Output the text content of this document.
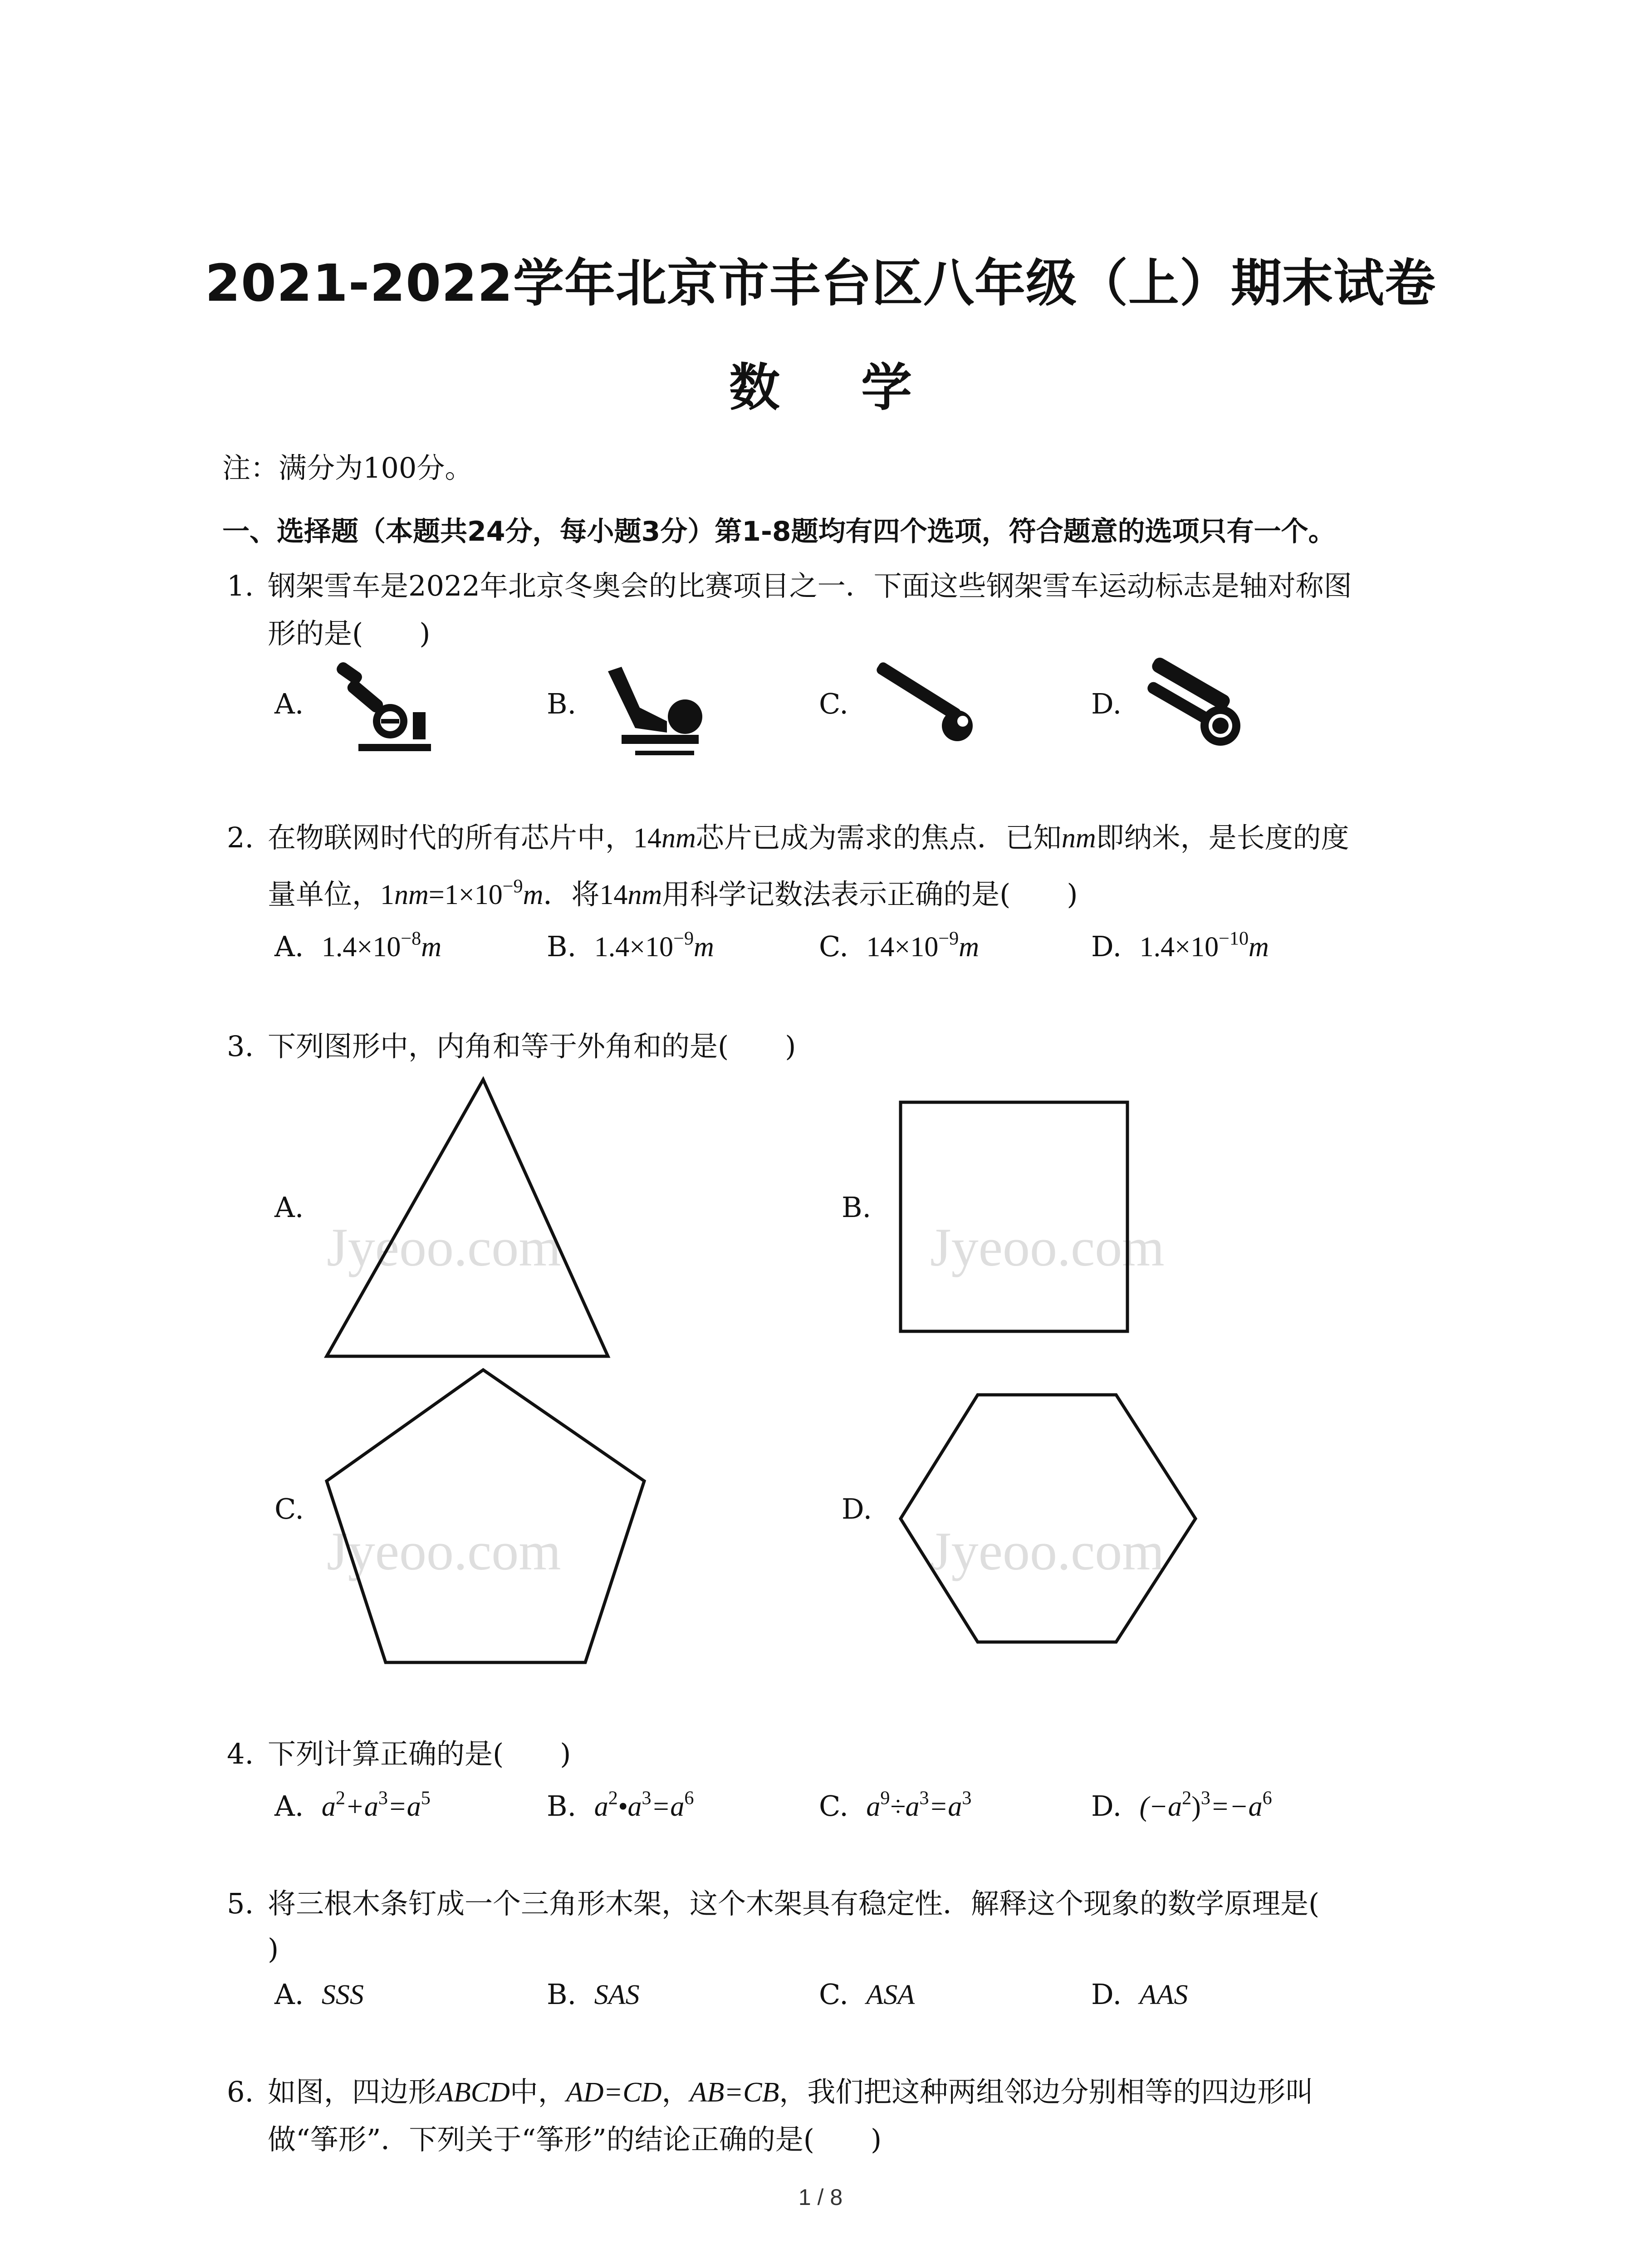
2021-2022学年北京市丰台区八年级（上）期末试卷
数 学
注：满分为100分。
一、选择题（本题共24分，每小题3分）第1-8题均有四个选项，符合题意的选项只有一个。
1. 钢架雪车是2022年北京冬奥会的比赛项目之一．下面这些钢架雪车运动标志是轴对称图
形的是(　　)
A.	B.	C.	D.
2. 在物联网时代的所有芯片中，14nm芯片已成为需求的焦点．已知nm即纳米，是长度的度
量单位，$1nm=1\times 10^{-9}m$．将14nm用科学记数法表示正确的是(　　)
A. $1.4\times 10^{-8}m$	B. $1.4\times 10^{-9}m$	C. $14\times 10^{-9}m$	D. $1.4\times 10^{-10}m$
3. 下列图形中，内角和等于外角和的是(　　)
A.	B.
C.	D.
Jyeoo.com	Jyeoo.com
Jyeoo.com	Jyeoo.com
4. 下列计算正确的是(　　)
A. $a^2+a^3=a^5$	B. $a^2•a^3=a^6$	C. $a^9\div a^3=a^3$	D. $(-a^2)^3=-a^6$
5. 将三根木条钉成一个三角形木架，这个木架具有稳定性．解释这个现象的数学原理是(
)
A. SSS	B. SAS	C. ASA	D. AAS
6. 如图，四边形ABCD中，AD=CD，AB=CB，我们把这种两组邻边分别相等的四边形叫
做“筝形”．下列关于“筝形”的结论正确的是(　　)
1 / 8
